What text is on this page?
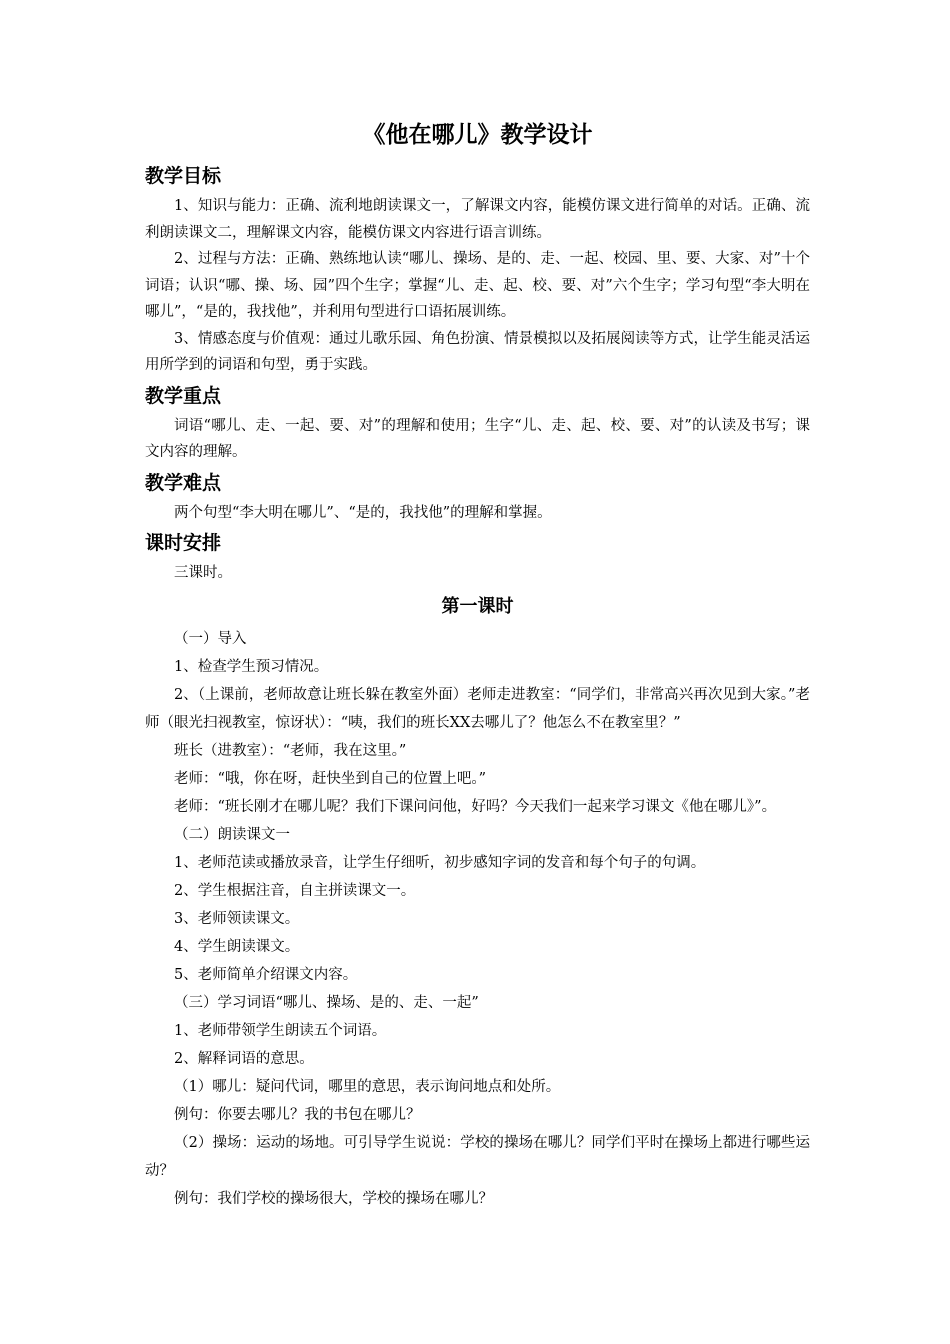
《他在哪儿》教学设计
教学目标

1、知识与能力：正确、流利地朗读课文一，了解课文内容，能模仿课文进行简单的对话。正确、流利朗读课文二，理解课文内容，能模仿课文内容进行语言训练。

2、过程与方法：正确、熟练地认读“哪儿、操场、是的、走、一起、校园、里、要、大家、对”十个词语；认识“哪、操、场、园”四个生字；掌握“儿、走、起、校、要、对”六个生字；学习句型“李大明在哪儿”，“是的，我找他”，并利用句型进行口语拓展训练。

3、情感态度与价值观：通过儿歌乐园、角色扮演、情景模拟以及拓展阅读等方式，让学生能灵活运用所学到的词语和句型，勇于实践。

教学重点

词语“哪儿、走、一起、要、对”的理解和使用；生字“儿、走、起、校、要、对”的认读及书写；课文内容的理解。

教学难点

两个句型“李大明在哪儿”、“是的，我找他”的理解和掌握。

课时安排

三课时。

第一课时

（一）导入

1、检查学生预习情况。

2、（上课前，老师故意让班长躲在教室外面）老师走进教室：“同学们，非常高兴再次见到大家。”老师（眼光扫视教室，惊讶状）：“咦，我们的班长XX去哪儿了？他怎么不在教室里？”

班长（进教室）：“老师，我在这里。”

老师：“哦，你在呀，赶快坐到自己的位置上吧。”

老师：“班长刚才在哪儿呢？我们下课问问他，好吗？今天我们一起来学习课文《他在哪儿》”。

（二）朗读课文一

1、老师范读或播放录音，让学生仔细听，初步感知字词的发音和每个句子的句调。

2、学生根据注音，自主拼读课文一。

3、老师领读课文。

4、学生朗读课文。

5、老师简单介绍课文内容。

（三）学习词语“哪儿、操场、是的、走、一起”

1、老师带领学生朗读五个词语。

2、解释词语的意思。

（1）哪儿：疑问代词，哪里的意思，表示询问地点和处所。

例句：你要去哪儿？我的书包在哪儿？

（2）操场：运动的场地。可引导学生说说：学校的操场在哪儿？同学们平时在操场上都进行哪些运动？

例句：我们学校的操场很大，学校的操场在哪儿？
